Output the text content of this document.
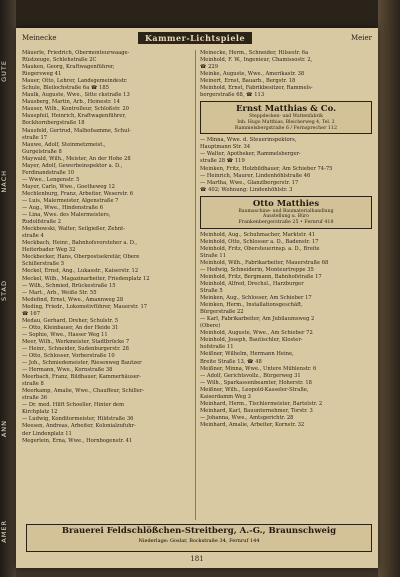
GUTE
NACH
STAD
ANN
AMER
Meinecke	Kammer-Lichtspiele	Meier
Mäuerle, Friedrich, Obermonteurwaage-
Rüstzeuge, Schlehstraße 2C
Mauken, Georg, Kraftwagenführer,
Riegersweg 41
Mauer, Otto, Lehrer, Landsgemeindestr.
Schule, Bleilochstraße 6a ☎ 185
Maulk, Auguste, Wwe., Sitte ckstraße 13
Mausberg, Martin, Arb., Heinestr. 14
Mauser, Wilh., Kontrolleur, Schloßstr. 20
Mauspfeil, Heinrich, Kraftwagenführer,
Bockhornbergstraße 18
Mausfeld, Gertrud, Malhofsamme, Schul-
straße 17
Mauwe, Adolf, Steinmetzmeist.,
Gurgelstraße 8
Maywald, Wilh., Meister, An der Hohe 28
Mayer, Adolf, Gewerbeinspektor a. D.,
Ferdinandstraße 10
— Wwe., Lengenstr. 5
Mayer, Carlo, Wwe., Goetheweg 12
Mechlenburg, Franz, Arbeiter, Weserstr. 6
— Luis, Malermeister, Algenstraße 7
— Aug., Wwe., Hindenstraße 6
— Lina, Wwe. des Malermeisters,
Rudolfstraße 2
Meckbowski, Walter, Seilgießer, Zehnt-
straße 4
Meckbach, Heinr., Bahnhofsvorsteher a. D.,
Heiterbader Weg 32
Meckbecker, Hans, Oberpostsekretär, Obere
Schillerstraße 5
Meckel, Ernst, Ang., Lukasstr., Kaiserstr. 12
Meckel, Wilh., Magazinarbeiter, Friedenplatz 12
— Wilh., Schmied, Brückestraße 15
— Mart., Arb., Weiße Str. 55
Medefind, Ernst, Wwe., Amannweg 28
Meding, Friedr., Lokomotivführer, Mauerstr. 17
☎ 167
Medau, Gerhard, Dreher, Schulstr. 5
— Otto, Kleinbauer, An der Heide 31
— Sophie, Wwe., Hasser Weg 11
Meer, Wilh., Werkmeister, Stadtbrücke 7
— Heinr., Schneider, Sudenburgerstr. 28
— Otto, Schlosser, Vorberstraße 10
— Joh., Schmiedemeister, Riesenweg Bautzer
— Hermann, Wwe., Kornstraße 38
Meerbach, Franz, Bildhauer, Kammerhäuser-
straße 8
Meerkamp, Amalie, Wwe., Chauffeur, Schiller-
straße 36
— Dr. med. Hilft Schoeller, Hinter dem
Kirchplatz 12
— Ludwig, Konditormeister, Hildstraße 36
Meesen, Andreas, Arbeiter, Kolonialzufuhr-
der Lindenplatz 11
Megerlein, Erna, Wwe., Hornbogenstr. 41
Meinecke, Herm., Schneider, Hilsestr. 6a
Meinhold, F. W., Ingenieur, Chamissostr. 2,
☎ 229
Meinke, Auguste, Wwe., Amerikastr. 38
Meinert, Ernst, Bauarb., Bergstr. 18
Meinhold, Ernst, Fabrikbesitzer, Rammels-
bergerstraße 68, ☎ 113
Ernst Matthias & Co.
Steppdecken- und Wattenfabrik
Inh. Hugo Matthias, Bleicherweg 4, Tel. 2
Rammelsbergstraße 6 / Fernsprecher 112
— Minna, Wwe. d. Steuerinspektors,
Hauptmann Str. 34
— Walter, Apotheker, Rammelsberger-
straße 28 ☎ 119
Meinken, Fritz, Holzbildhauer, Am Schieber 74-75
— Heinrich, Maurer, Lindenhöhlstraße 46
— Martha, Wwe., Glanzlbergerstr. 17
☎ 402; Wohnung: Lindenhöhlstr. 3
Otto Matthies
Baumaschine- und Baumaterialhandlung
Ausstellung u. Büro
Frankenbergerstraße 25 • Fernruf 418
Meinhold, Aug., Schuhmacher, Marktstr. 41
Meinhold, Otto, Schlosser a. D., Badenstr. 17
Meinhold, Fritz, Obersteuerinsp. a. D., Breite
Straße 11
Meinhold, Wilh., Fabrikarbeiter, Mauerstraße 68
— Hedwig, Schneiderin, Monteurtreppe 35
Meinhold, Fritz, Bergmann, Bahnhofstraße 17
Meinhold, Alfred, Drechsl., Harzburger
Straße 5
Meinken, Aug., Schlosser, Am Schieber 17
Meinken, Herm., Installationsgeschäft,
Bürgerstraße 22
— Karl, Fabrikarbeiter, Am Jubilaumsweg 2
(Obere)
Meinhold, Auguste, Wwe., Am Schieber 72
Meinhold, Joseph, Bautischler, Kloster-
hofstraße 11
Meißner, Wilhelm, Hermann Heine,
Breite Straße 13, ☎ 48
Meißner, Minna, Wwe., Untere Mühlenstr. 6
— Adolf, Gerichtsvollz., Bürgerweg 31
— Wilh., Sparkassenbeamter, Hoherstr. 18
Meißner, Wilh., Leopold-Kasseler-Straße,
Kaiserdamm Weg 3
Meinhard, Herm., Tischlermeister, Bartelstr. 2
Meinhard, Karl, Bauunternehmer, Torstr. 3
— Johanna, Wwe., Amtsgerichtr. 28
Meinhard, Amalie, Arbeiter, Kornstr. 32
Brauerei Feldschlößchen-Streitberg, A.-G., Braunschweig
Niederlage: Goslar, Bockstraße 34, Fernruf 144
181
